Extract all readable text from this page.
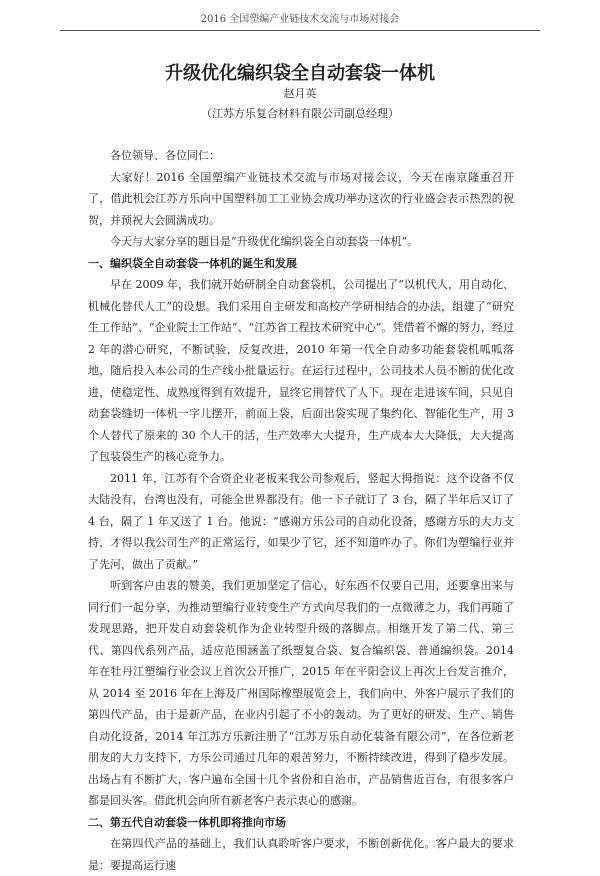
2016 全国塑编产业链技术交流与市场对接会
升级优化编织袋全自动套袋一体机
赵月英
（江苏方乐复合材料有限公司副总经理）

各位领导、各位同仁：

大家好！2016 全国塑编产业链技术交流与市场对接会议，今天在南京隆重召开了，借此机会江苏方乐向中国塑料加工工业协会成功举办这次的行业盛会表示热烈的祝贺，并预祝大会圆满成功。

今天与大家分享的题目是“升级优化编织袋全自动套袋一体机”。

一、编织袋全自动套袋一体机的诞生和发展

早在 2009 年，我们就开始研制全自动套袋机，公司提出了“以机代人，用自动化、机械化替代人工”的设想。我们采用自主研发和高校产学研相结合的办法，组建了“研究生工作站”、“企业院士工作站”、“江苏省工程技术研究中心”。凭借着不懈的努力，经过 2 年的潜心研究，不断试验，反复改进，2010 年第一代全自动多功能套袋机呱呱落地，随后投入本公司的生产线小批量运行。在运行过程中，公司技术人员不断的优化改进，使稳定性、成熟度得到有效提升，显终它荆替代了人下。现在走进该车间，只见自动套袋缝切一体机一字儿摆开，前面上袋，后面出袋实现了集约化、智能化生产，用 3 个人替代了原来的 30 个人干的活，生产效率大大提升，生产成本大大降低，大大提高了包装袋生产的核心竞争力。

2011 年，江苏有个合资企业老板来我公司参观后，竖起大拇指说：这个设备不仅大陆没有，台湾也没有，可能全世界都没有。他一下子就订了 3 台，隔了半年后又订了 4 台，隔了 1 年又送了 1 台。他说：“感谢方乐公司的自动化设备，感谢方乐的大力支持，才得以我公司生产的正常运行，如果少了它，还不知道咋办了。你们为塑编行业并了先河，做出了贡献。”

听到客户由衷的赞美，我们更加坚定了信心，好东西不仅要自己用，还要拿出来与同行们一起分享，为推动塑编行业转变生产方式向尽我们的一点微薄之力，我们再随了发现思路，把开发自动套袋机作为企业转型升级的落脚点。相继开发了第二代、第三代、第四代系列产品，适应范围涵盖了纸塑复合袋、复合编织袋、普通编织袋。2014 年在牡丹江塑编行业会议上首次公开推广，2015 年在平阳会议上再次上台发言推介，从 2014 至 2016 年在上海及广州国际橡塑展览会上，我们向中、外客户展示了我们的第四代产品，由于是新产品，在业内引起了不小的轰动。为了更好的研发、生产、销售自动化设备，2014 年江苏方乐新注册了“江苏万乐自动化装备有限公司”，在各位新老朋友的大力支持下，方乐公司通过几年的艰苦努力，不断持续改进，得到了稳步发展。出场占有不断扩大，客户遍布全国十几个省份和自治市，产品销售近百台，有很多客户都是回头客。借此机会向所有新老客户表示衷心的感谢。

二、第五代自动套袋一体机即将推向市场

在第四代产品的基础上，我们认真聆听客户要求，不断创新优化。客户最大的要求是：要提高运行速
